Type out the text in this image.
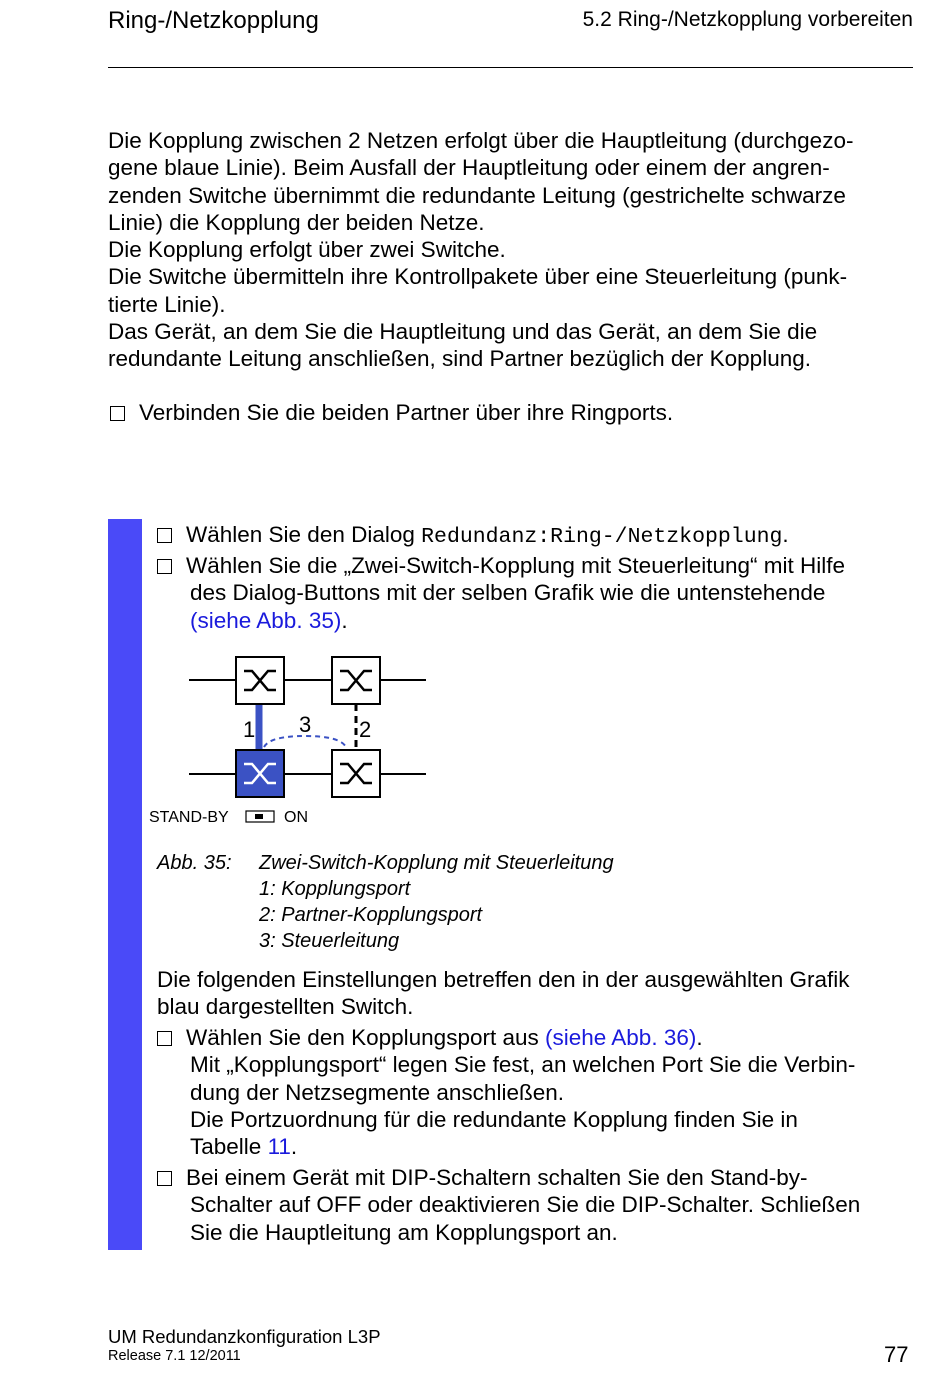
Ring-/Netzkopplung	5.2 Ring-/Netzkopplung vorbereiten
Die Kopplung zwischen 2 Netzen erfolgt über die Hauptleitung (durchgezo-
gene blaue Linie). Beim Ausfall der Hauptleitung oder einem der angren-
zenden Switche übernimmt die redundante Leitung (gestrichelte schwarze
Linie) die Kopplung der beiden Netze.
Die Kopplung erfolgt über zwei Switche.
Die Switche übermitteln ihre Kontrollpakete über eine Steuerleitung (punk-
tierte Linie).
Das Gerät, an dem Sie die Hauptleitung und das Gerät, an dem Sie die
redundante Leitung anschließen, sind Partner bezüglich der Kopplung.
Verbinden Sie die beiden Partner über ihre Ringports.
Wählen Sie den Dialog Redundanz:Ring-/Netzkopplung.
Wählen Sie die „Zwei-Switch-Kopplung mit Steuerleitung“ mit Hilfe
des Dialog-Buttons mit der selben Grafik wie die untenstehende
(siehe Abb. 35).
1 3 2
STAND-BY	ON
Abb. 35: Zwei-Switch-Kopplung mit Steuerleitung
1: Kopplungsport
2: Partner-Kopplungsport
3: Steuerleitung
Die folgenden Einstellungen betreffen den in der ausgewählten Grafik
blau dargestellten Switch.
Wählen Sie den Kopplungsport aus (siehe Abb. 36).
Mit „Kopplungsport“ legen Sie fest, an welchen Port Sie die Verbin-
dung der Netzsegmente anschließen.
Die Portzuordnung für die redundante Kopplung finden Sie in
Tabelle 11.
Bei einem Gerät mit DIP-Schaltern schalten Sie den Stand-by-
Schalter auf OFF oder deaktivieren Sie die DIP-Schalter. Schließen
Sie die Hauptleitung am Kopplungsport an.
UM Redundanzkonfiguration L3P
Release 7.1 12/2011	77
